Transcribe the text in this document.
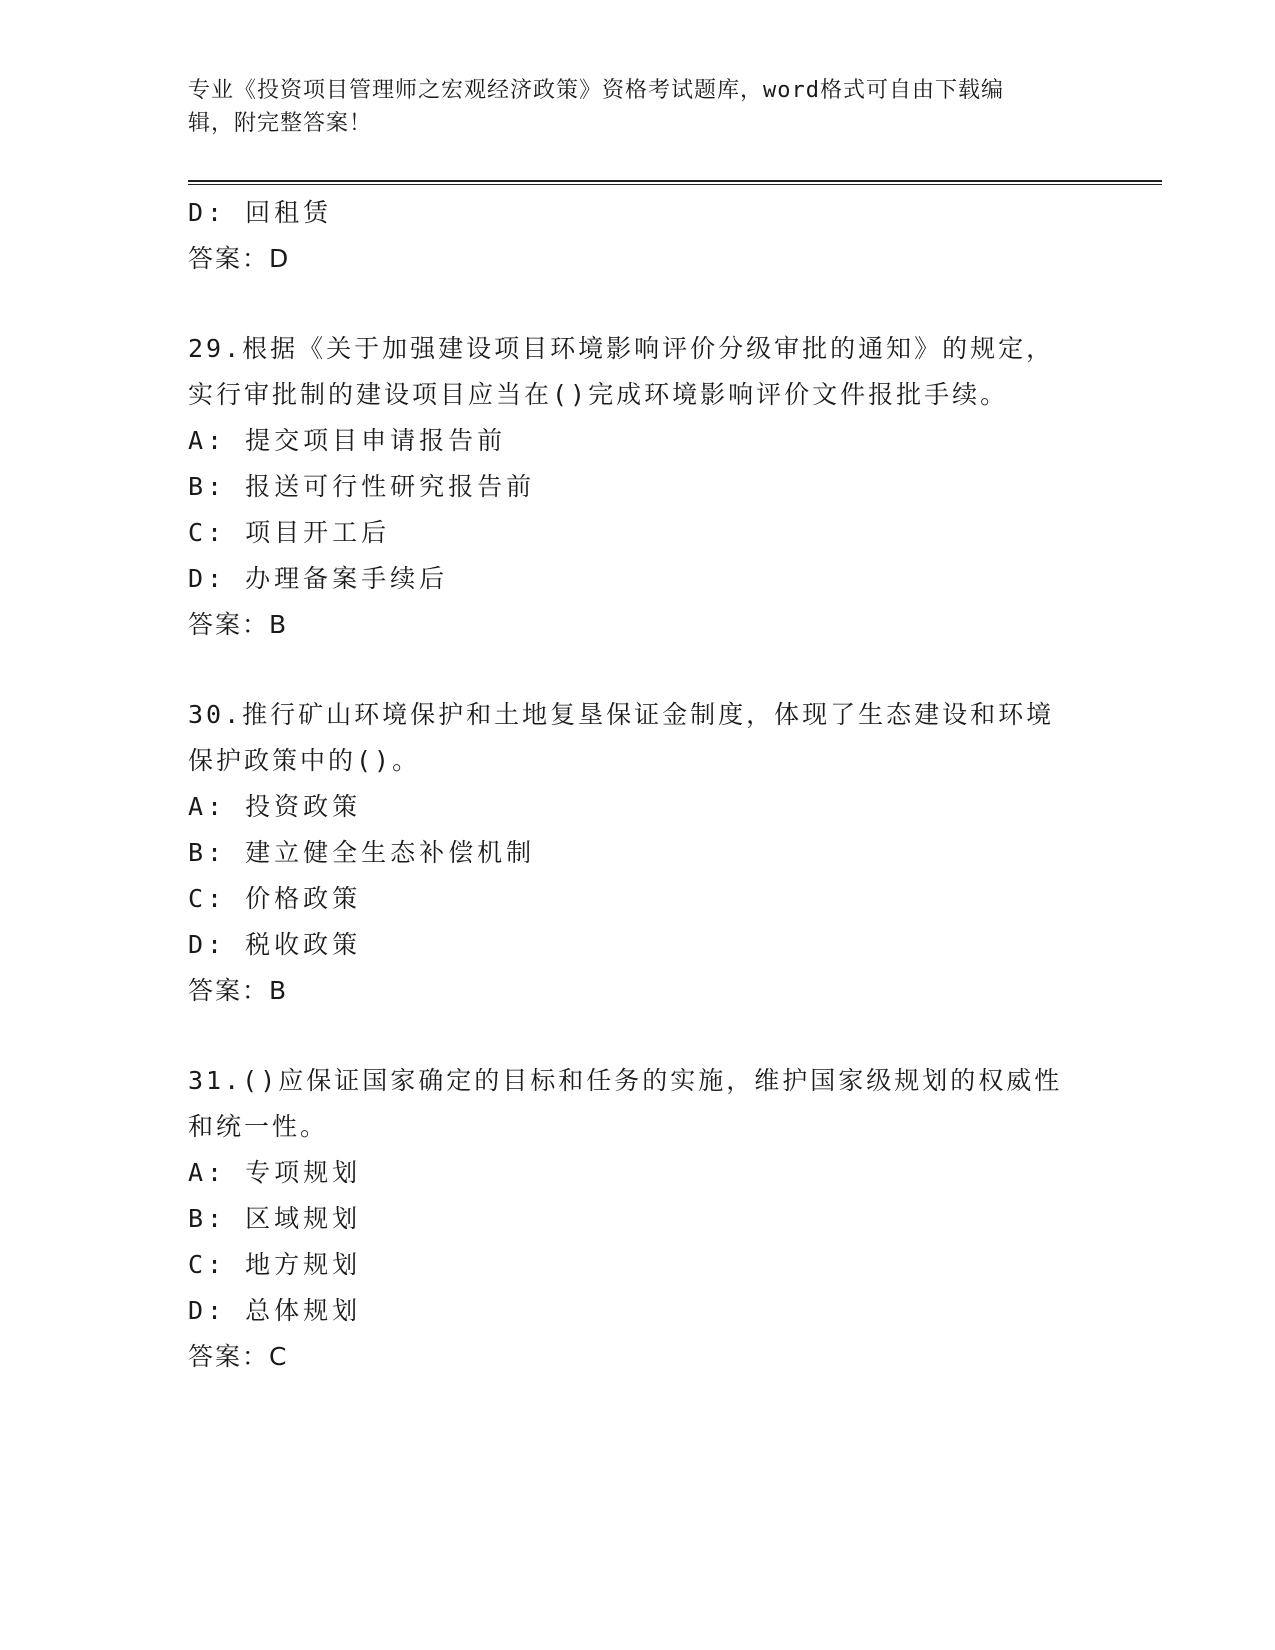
专业《投资项目管理师之宏观经济政策》资格考试题库，word格式可自由下载编
辑，附完整答案！
D: 回租赁
答案：D
29.根据《关于加强建设项目环境影响评价分级审批的通知》的规定，
实行审批制的建设项目应当在()完成环境影响评价文件报批手续。
A: 提交项目申请报告前
B: 报送可行性研究报告前
C: 项目开工后
D: 办理备案手续后
答案：B
30.推行矿山环境保护和土地复垦保证金制度，体现了生态建设和环境
保护政策中的()。
A: 投资政策
B: 建立健全生态补偿机制
C: 价格政策
D: 税收政策
答案：B
31.()应保证国家确定的目标和任务的实施，维护国家级规划的权威性
和统一性。
A: 专项规划
B: 区域规划
C: 地方规划
D: 总体规划
答案：C
